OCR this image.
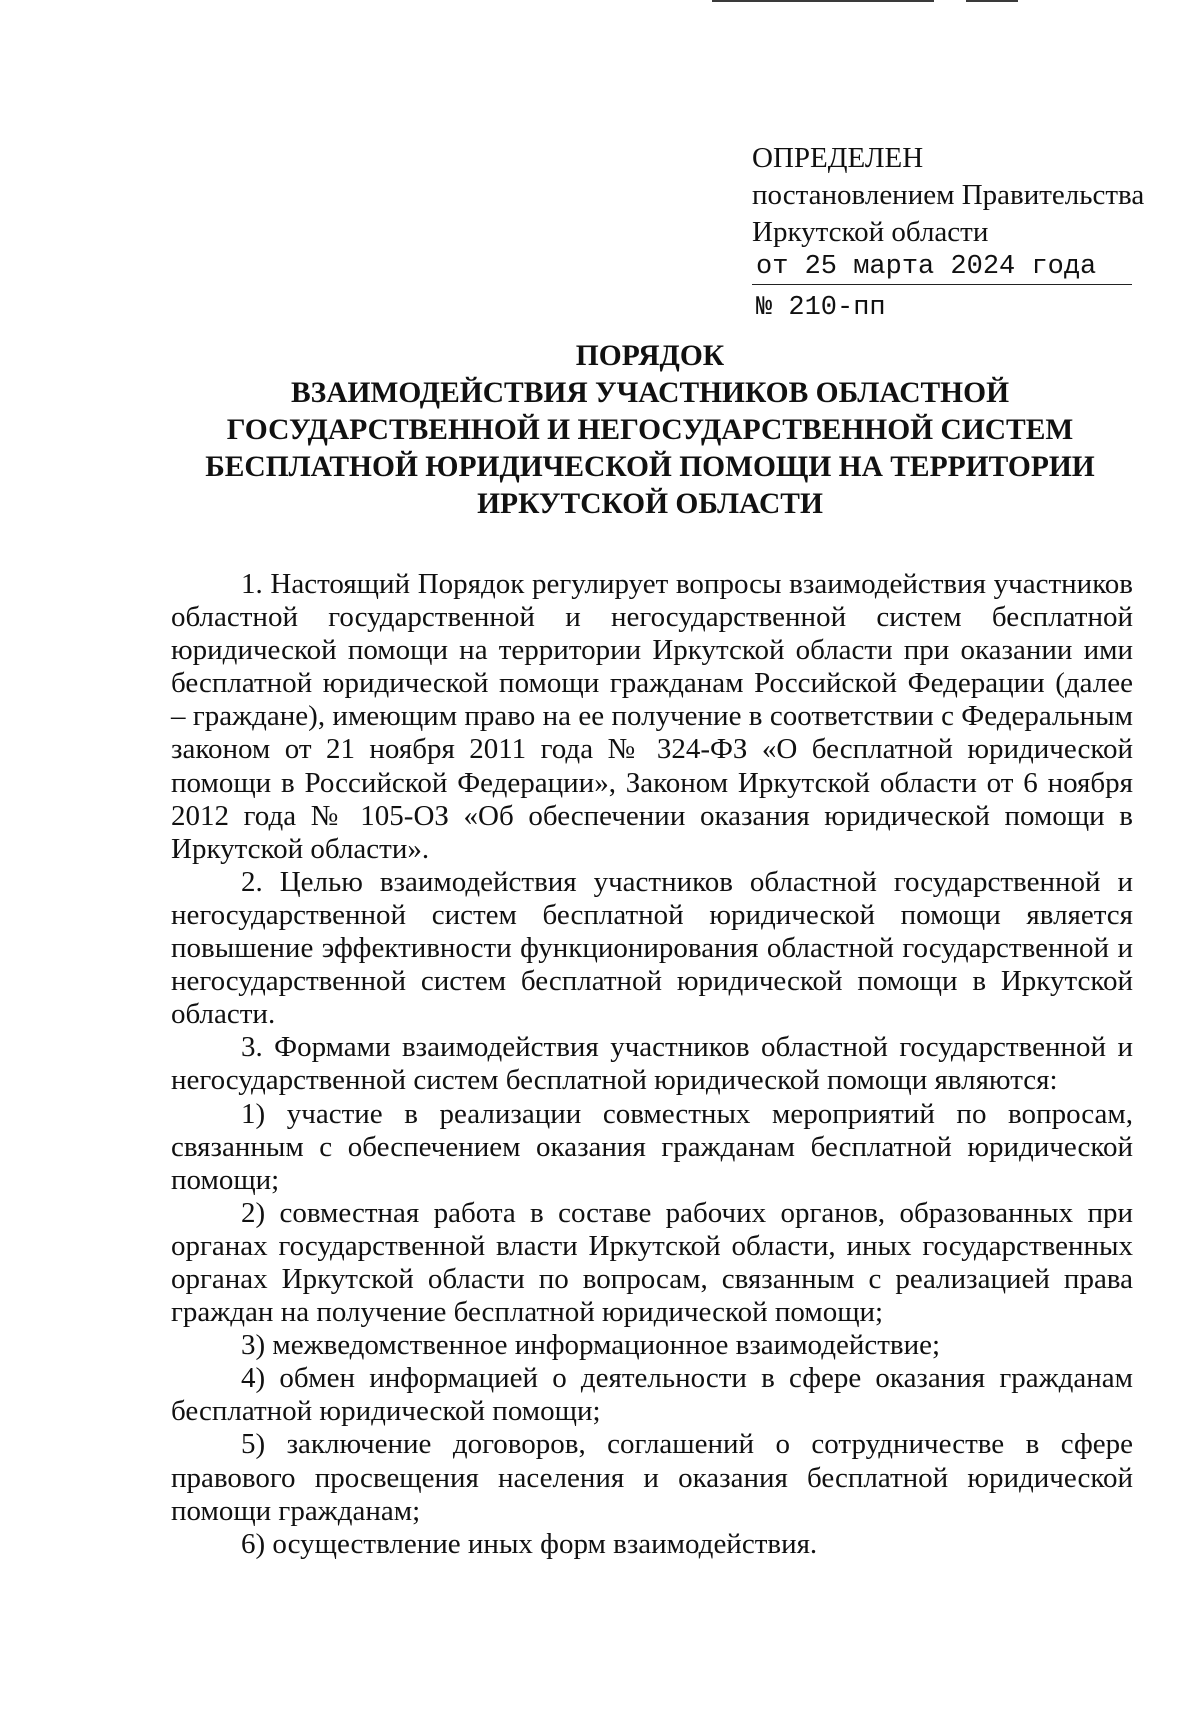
ОПРЕДЕЛЕН
постановлением Правительства
Иркутской области
от 25 марта 2024 года
№ 210-пп
ПОРЯДОК
ВЗАИМОДЕЙСТВИЯ УЧАСТНИКОВ ОБЛАСТНОЙ
ГОСУДАРСТВЕННОЙ И НЕГОСУДАРСТВЕННОЙ СИСТЕМ
БЕСПЛАТНОЙ ЮРИДИЧЕСКОЙ ПОМОЩИ НА ТЕРРИТОРИИ
ИРКУТСКОЙ ОБЛАСТИ

1. Настоящий Порядок регулирует вопросы взаимодействия участников областной государственной и негосударственной систем бесплатной юридической помощи на территории Иркутской области при оказании ими бесплатной юридической помощи гражданам Российской Федерации (далее – граждане), имеющим право на ее получение в соответствии с Федеральным законом от 21 ноября 2011 года № 324-ФЗ «О бесплатной юридической помощи в Российской Федерации», Законом Иркутской области от 6 ноября 2012 года № 105-ОЗ «Об обеспечении оказания юридической помощи в Иркутской области».

2. Целью взаимодействия участников областной государственной и негосударственной систем бесплатной юридической помощи является повышение эффективности функционирования областной государственной и негосударственной систем бесплатной юридической помощи в Иркутской области.

3. Формами взаимодействия участников областной государственной и негосударственной систем бесплатной юридической помощи являются:

1) участие в реализации совместных мероприятий по вопросам, связанным с обеспечением оказания гражданам бесплатной юридической помощи;

2) совместная работа в составе рабочих органов, образованных при органах государственной власти Иркутской области, иных государственных органах Иркутской области по вопросам, связанным с реализацией права граждан на получение бесплатной юридической помощи;

3) межведомственное информационное взаимодействие;

4) обмен информацией о деятельности в сфере оказания гражданам бесплатной юридической помощи;

5) заключение договоров, соглашений о сотрудничестве в сфере правового просвещения населения и оказания бесплатной юридической помощи гражданам;

6) осуществление иных форм взаимодействия.
